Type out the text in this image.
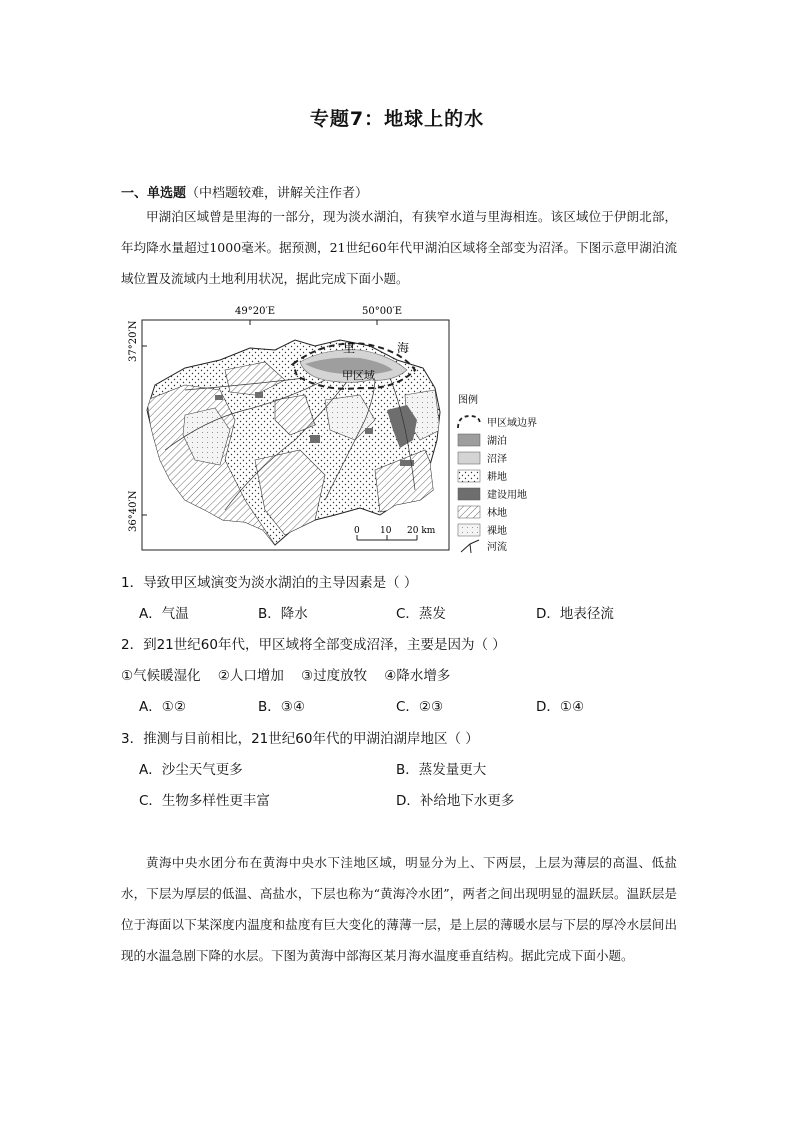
专题7：地球上的水
一、单选题（中档题较难，讲解关注作者）

甲湖泊区域曾是里海的一部分，现为淡水湖泊，有狭窄水道与里海相连。该区域位于伊朗北部，年均降水量超过1000毫米。据预测，21世纪60年代甲湖泊区域将全部变为沼泽。下图示意甲湖泊流域位置及流域内土地利用状况，据此完成下面小题。

49°20′E	50°00′E
37°20′N
36°40′N
里	海
甲区域
0 10 20 km
图例
甲区域边界
湖泊
沼泽
耕地
建设用地
林地
裸地
河流
1．导致甲区域演变为淡水湖泊的主导因素是（ ）
A．气温	B．降水	C．蒸发	D．地表径流
2．到21世纪60年代，甲区域将全部变成沼泽，主要是因为（ ）
①气候暖湿化    ②人口增加    ③过度放牧    ④降水增多
A．①②	B．③④	C．②③	D．①④
3．推测与目前相比，21世纪60年代的甲湖泊湖岸地区（ ）
A．沙尘天气更多	B．蒸发量更大
C．生物多样性更丰富	D．补给地下水更多

黄海中央水团分布在黄海中央水下洼地区域，明显分为上、下两层，上层为薄层的高温、低盐水，下层为厚层的低温、高盐水，下层也称为“黄海冷水团”，两者之间出现明显的温跃层。温跃层是位于海面以下某深度内温度和盐度有巨大变化的薄薄一层，是上层的薄暖水层与下层的厚冷水层间出现的水温急剧下降的水层。下图为黄海中部海区某月海水温度垂直结构。据此完成下面小题。
